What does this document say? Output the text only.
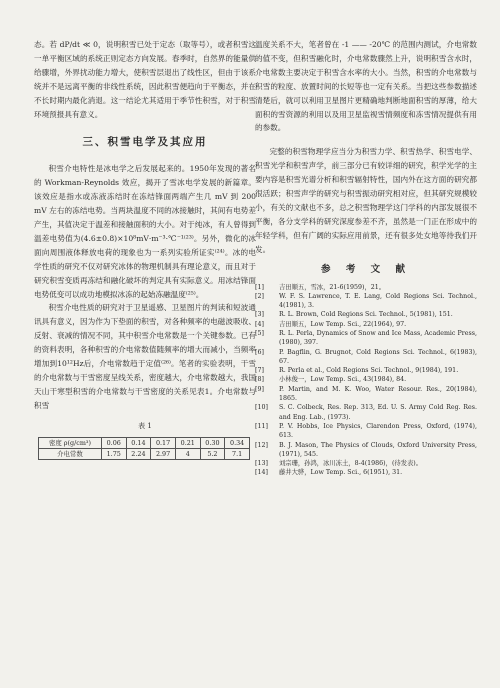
态。若 dP/dt ≪ 0，说明积雪已处于定态（取等号），或者积雪这一单平衡区域的系统正则定态方向发展。春季时，自然界的能量供给骤增，外界扰动能力增大，使积雪层退出了线性区，但由于该系统并不是远离平衡的非线性系统，因此积雪便趋向于平衡态，并在不长时期内最化消退。这一结论尤其适用于季节性积雪，对于积雪环境预报具有意义。

三、积雪电学及其应用

积雪介电特性是冰电学之后发展起来的。1950年发现的著名的 Workman-Reynolds 效应，揭开了雪冰电学发展的新篇章。该效应是指水或冻液冻结时在冻结锋面两端产生几 mV 到 200 mV 左右的冻结电势。当两块温度不同的冰接触时，其间有电势差产生，其值决定于温差和接触面积的大小。对于纯冰，有人曾得到温差电势值为(4.6±0.8)×10⁸mV·m⁻³·℃⁻¹⁽²³⁾。另外，微化的冰面向周围液体释放电荷的现象也为一系列实验所证实⁽²⁴⁾。冰的电学性质的研究不仅对研究冰体的物理机制具有理论意义，而且对于研究积雪变质再冻结和融化破坏的判定具有实际意义。用冰结锋面电势低变可以成功地模拟冰冻的起始冻融温度⁽²⁵⁾。

积雪介电性质的研究对于卫星遥感、卫星图片的判读和短波通讯具有意义，因为作为下垫面的积雪，对各种频率的电磁波吸收、反射、衰减的情况不同，其中积雪介电常数是一个关键参数。已有的资料表明，各种积雪的介电常数值随频率的增大而减小，当频率增加到10¹²Hz后，介电常数趋于定值⁽²⁶⁾。笔者的实验表明，干雪的介电常数与干雪密度呈线关系，密度越大，介电常数越大，我国天山干寒型积雪的介电常数与干雪密度的关系见表1。介电常数与积雪

表 1
密度 ρ(g/cm³)	0.06	0.14	0.17	0.21	0.30	0.34
介电常数	1.75	2.24	2.97	4	5.2	7.1

温度关系不大，笔者曾在 -1 —— -20℃ 的范围内测试，介电常数的值不变，但积雪融化时，介电常数骤然上升，说明积雪含水时，介电常数主要决定于积雪含水率的大小。当然，积雪的介电常数与积雪的粒度、放置时间的长短等也一定有关系。当把这些参数描述清楚后，就可以利用卫星图片更精确地判断地面积雪的厚薄，给大面积的雪资源的利用以及用卫星监视雪情频度和冻雪情况提供有用的参数。

完整的积雪物理学应当分为积雪力学、积雪热学、积雪电学、积雪光学和积雪声学，前三部分已有较详细的研究，积学光学的主要内容是积雪光谱分析和积雪辐射特性，国内外在这方面的研究都很活跃；积雪声学的研究与积雪振动研究相对应，但其研究规模较小，有关的文献也不多，总之积雪物理学这门学科的内部发展很不平衡，各分支学科的研究深度参差不齐，虽然是一门正在形成中的年轻学科，但有广阔的实际应用前景，还有很多处女地等待我们开发。

参 考 文 献
[1] 吉田顺五，雪冰，21-6(1959)，21。
[2] W. F. S. Lawrence, T. E. Lang, Cold Regions Sci. Technol., 4(1981), 3.
[3] R. L. Brown, Cold Regions Sci. Technol., 5(1981), 151.
[4] 吉田顺五，Low Temp. Sci., 22(1964), 97.
[5] R. L. Perla, Dynamics of Snow and Ice Mass, Academic Press, (1980), 397.
[6] P. Bagflin, G. Brugnot, Cold Regions Sci. Technol., 6(1983), 67.
[7] R. Perla et al., Cold Regions Sci. Technol., 9(1984), 191.
[8] 小林俊一，Low Temp. Sci., 43(1984), 84.
[9] P. Martin, and M. K. Woo, Water Resour. Res., 20(1984), 1865.
[10] S. C. Colbeck, Res. Rep. 313, Ed. U. S. Army Cold Reg. Res. and Eng. Lab., (1973).
[11] P. V. Hobbs, Ice Physics, Clarendon Press, Oxford, (1974), 613.
[12] B. J. Mason, The Physics of Clouds, Oxford University Press, (1971), 545.
[13] 刘宗珊，孙鸿，冰川冻土，8-4(1986)，(待发表)。
[14] 藤井大骅，Low Temp. Sci., 6(1951), 31.
